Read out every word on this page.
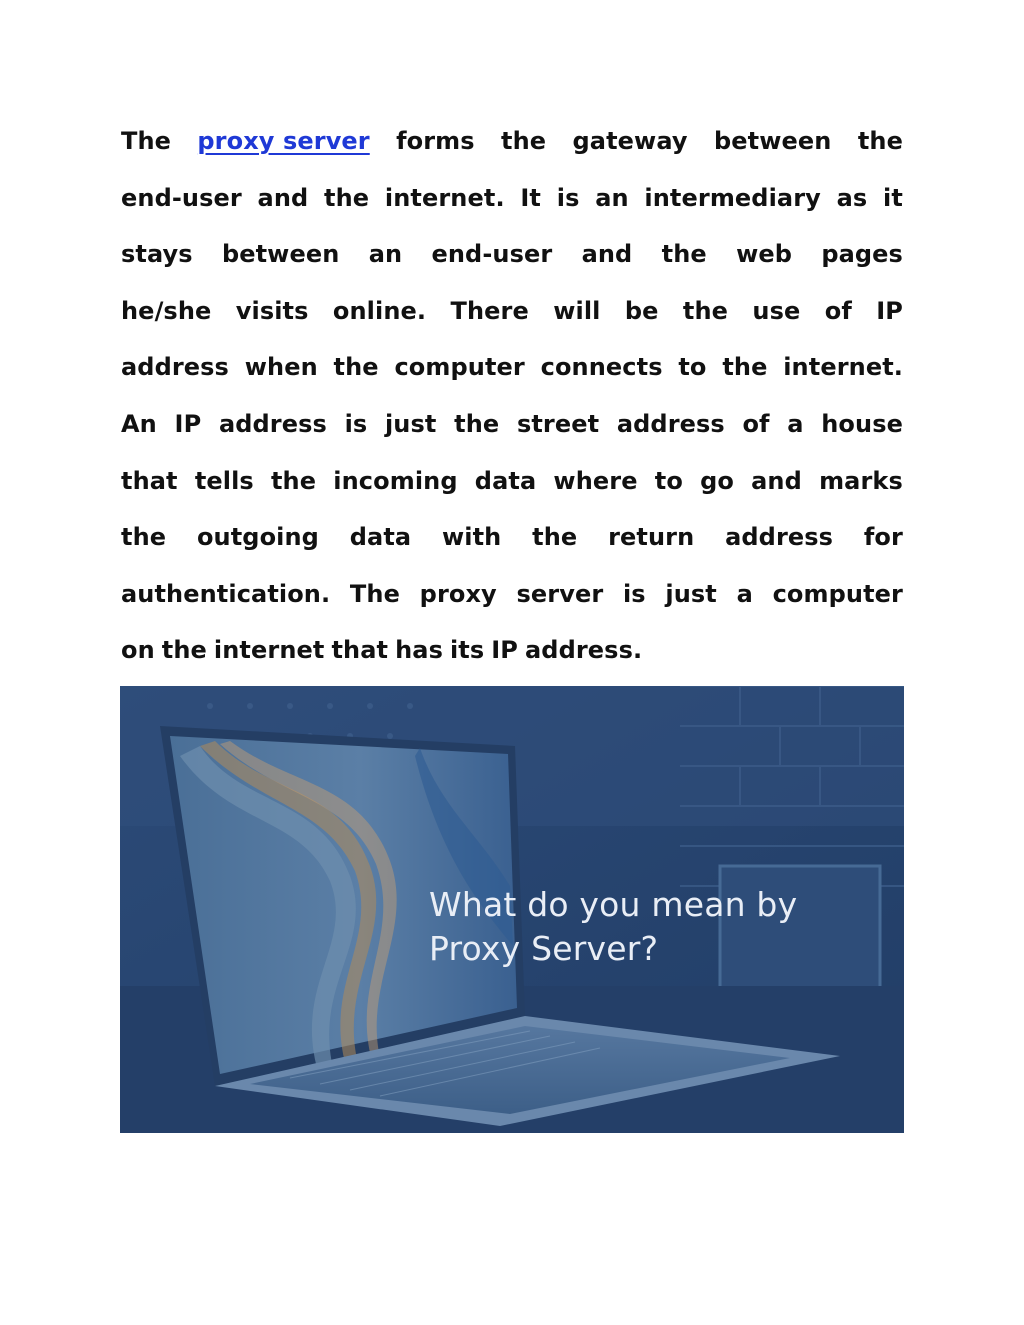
The proxy server forms the gateway between the
end-user and the internet. It is an intermediary as it
stays between an end-user and the web pages
he/she visits online. There will be the use of IP
address when the computer connects to the internet.
An IP address is just the street address of a house
that tells the incoming data where to go and marks
the outgoing data with the return address for
authentication. The proxy server is just a computer
on the internet that has its IP address.
What do you mean by
Proxy Server?
